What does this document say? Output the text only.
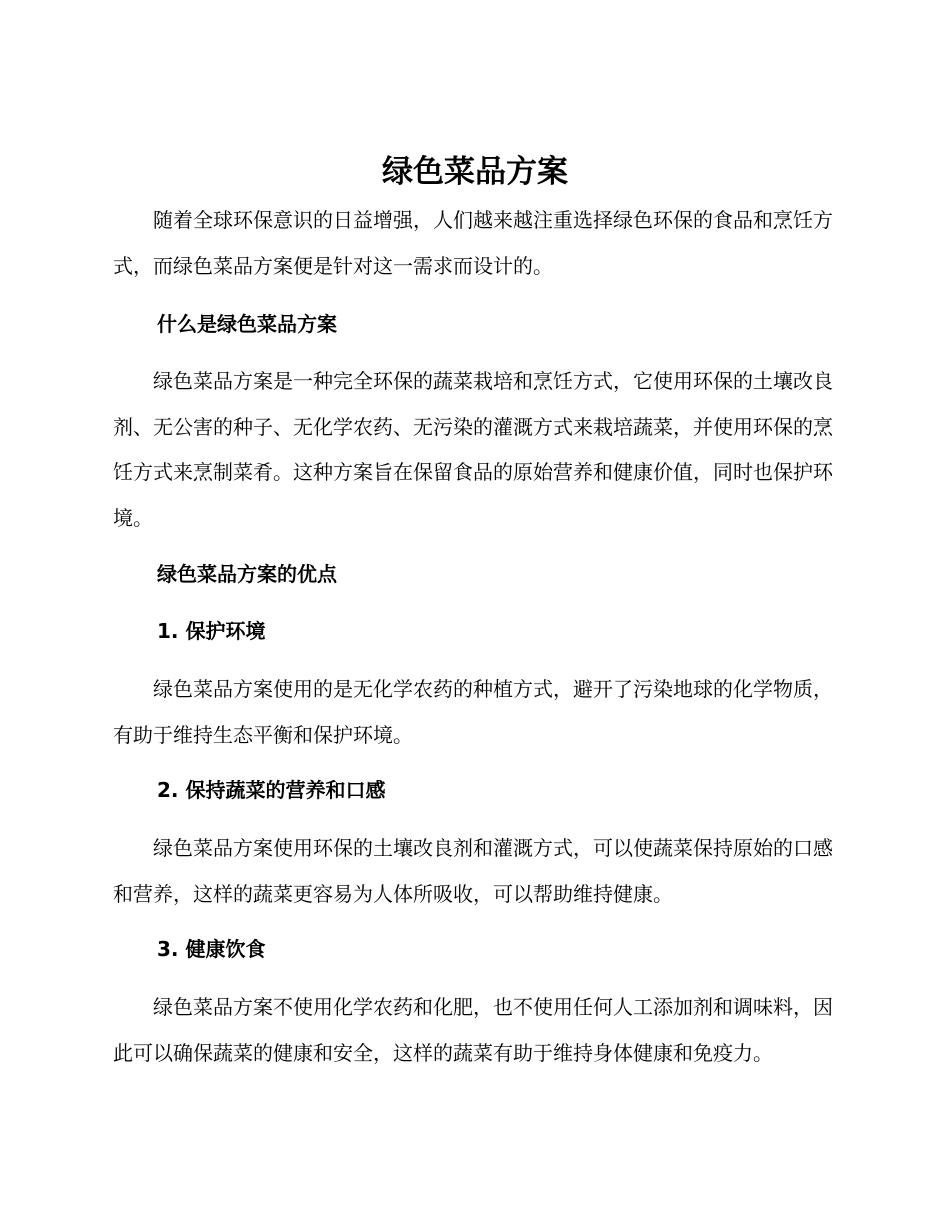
绿色菜品方案

随着全球环保意识的日益增强，人们越来越注重选择绿色环保的食品和烹饪方式，而绿色菜品方案便是针对这一需求而设计的。

什么是绿色菜品方案

绿色菜品方案是一种完全环保的蔬菜栽培和烹饪方式，它使用环保的土壤改良剂、无公害的种子、无化学农药、无污染的灌溉方式来栽培蔬菜，并使用环保的烹饪方式来烹制菜肴。这种方案旨在保留食品的原始营养和健康价值，同时也保护环境。

绿色菜品方案的优点
1. 保护环境

绿色菜品方案使用的是无化学农药的种植方式，避开了污染地球的化学物质，有助于维持生态平衡和保护环境。

2. 保持蔬菜的营养和口感

绿色菜品方案使用环保的土壤改良剂和灌溉方式，可以使蔬菜保持原始的口感和营养，这样的蔬菜更容易为人体所吸收，可以帮助维持健康。

3. 健康饮食

绿色菜品方案不使用化学农药和化肥，也不使用任何人工添加剂和调味料，因此可以确保蔬菜的健康和安全，这样的蔬菜有助于维持身体健康和免疫力。
